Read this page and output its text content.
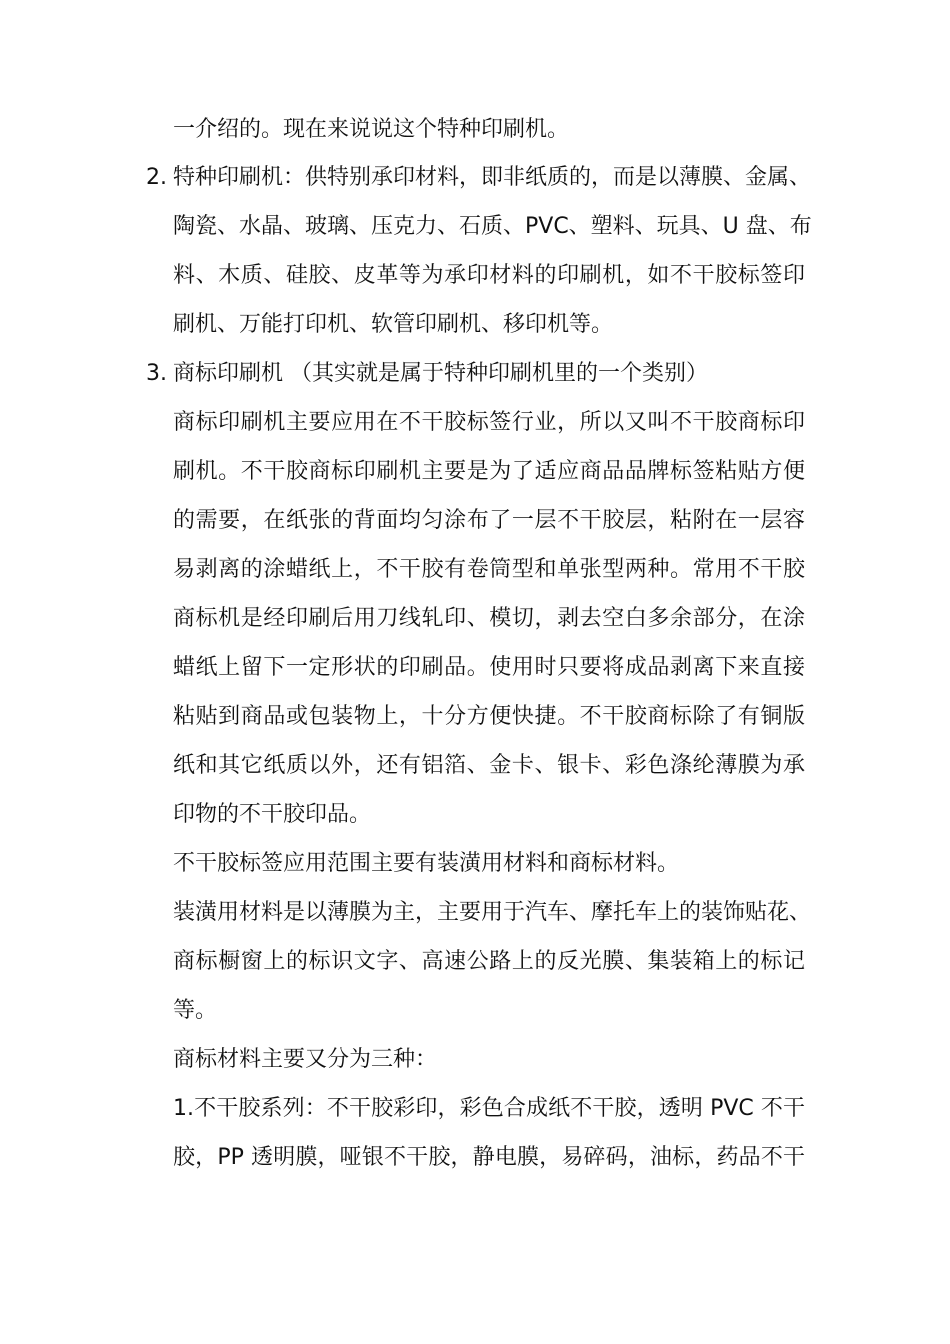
一介绍的。现在来说说这个特种印刷机。
2. 特种印刷机：供特别承印材料，即非纸质的，而是以薄膜、金属、
陶瓷、水晶、玻璃、压克力、石质、PVC、塑料、玩具、U 盘、布
料、木质、硅胶、皮革等为承印材料的印刷机，如不干胶标签印
刷机、万能打印机、软管印刷机、移印机等。
3. 商标印刷机 （其实就是属于特种印刷机里的一个类别）
商标印刷机主要应用在不干胶标签行业，所以又叫不干胶商标印
刷机。不干胶商标印刷机主要是为了适应商品品牌标签粘贴方便
的需要，在纸张的背面均匀涂布了一层不干胶层，粘附在一层容
易剥离的涂蜡纸上，不干胶有卷筒型和单张型两种。常用不干胶
商标机是经印刷后用刀线轧印、模切，剥去空白多余部分，在涂
蜡纸上留下一定形状的印刷品。使用时只要将成品剥离下来直接
粘贴到商品或包装物上，十分方便快捷。不干胶商标除了有铜版
纸和其它纸质以外，还有铝箔、金卡、银卡、彩色涤纶薄膜为承
印物的不干胶印品。
不干胶标签应用范围主要有装潢用材料和商标材料。
装潢用材料是以薄膜为主，主要用于汽车、摩托车上的装饰贴花、
商标橱窗上的标识文字、高速公路上的反光膜、集装箱上的标记
等。
商标材料主要又分为三种：
1.不干胶系列：不干胶彩印，彩色合成纸不干胶，透明 PVC 不干
胶，PP 透明膜，哑银不干胶，静电膜，易碎码，油标，药品不干
